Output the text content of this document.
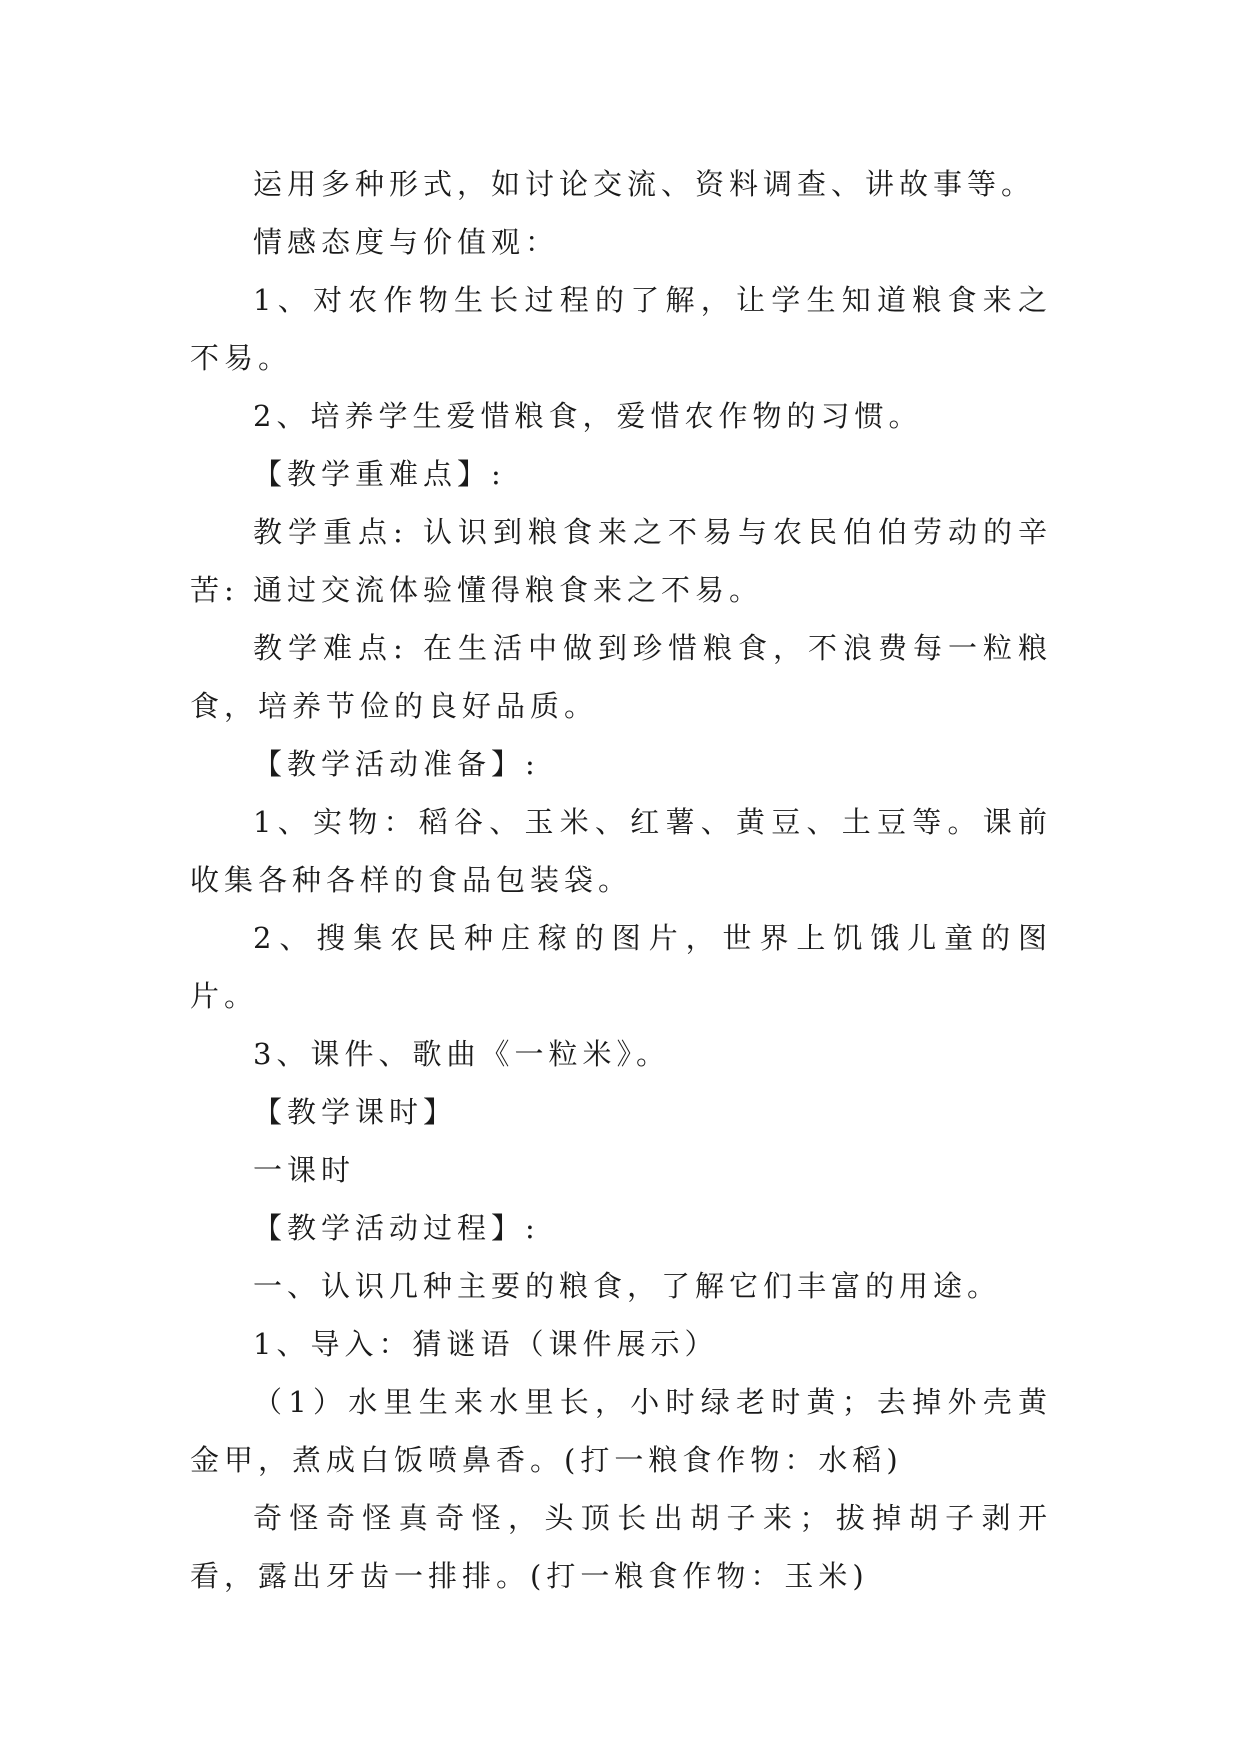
运用多种形式，如讨论交流、资料调查、讲故事等。

情感态度与价值观：

1、对农作物生长过程的了解，让学生知道粮食来之不易。

2、培养学生爱惜粮食，爱惜农作物的习惯。

【教学重难点】:

教学重点: 认识到粮食来之不易与农民伯伯劳动的辛苦: 通过交流体验懂得粮食来之不易。

教学难点: 在生活中做到珍惜粮食，不浪费每一粒粮食，培养节俭的良好品质。

【教学活动准备】:

1、实物：稻谷、玉米、红薯、黄豆、土豆等。课前收集各种各样的食品包装袋。

2、搜集农民种庄稼的图片，世界上饥饿儿童的图片。

3、课件、歌曲《一粒米》。

【教学课时】

一课时

【教学活动过程】:

一、认识几种主要的粮食，了解它们丰富的用途。

1、导入：猜谜语（课件展示）

（1）水里生来水里长，小时绿老时黄；去掉外壳黄金甲，煮成白饭喷鼻香。(打一粮食作物：水稻)

奇怪奇怪真奇怪，头顶长出胡子来；拔掉胡子剥开看，露出牙齿一排排。(打一粮食作物：玉米)
